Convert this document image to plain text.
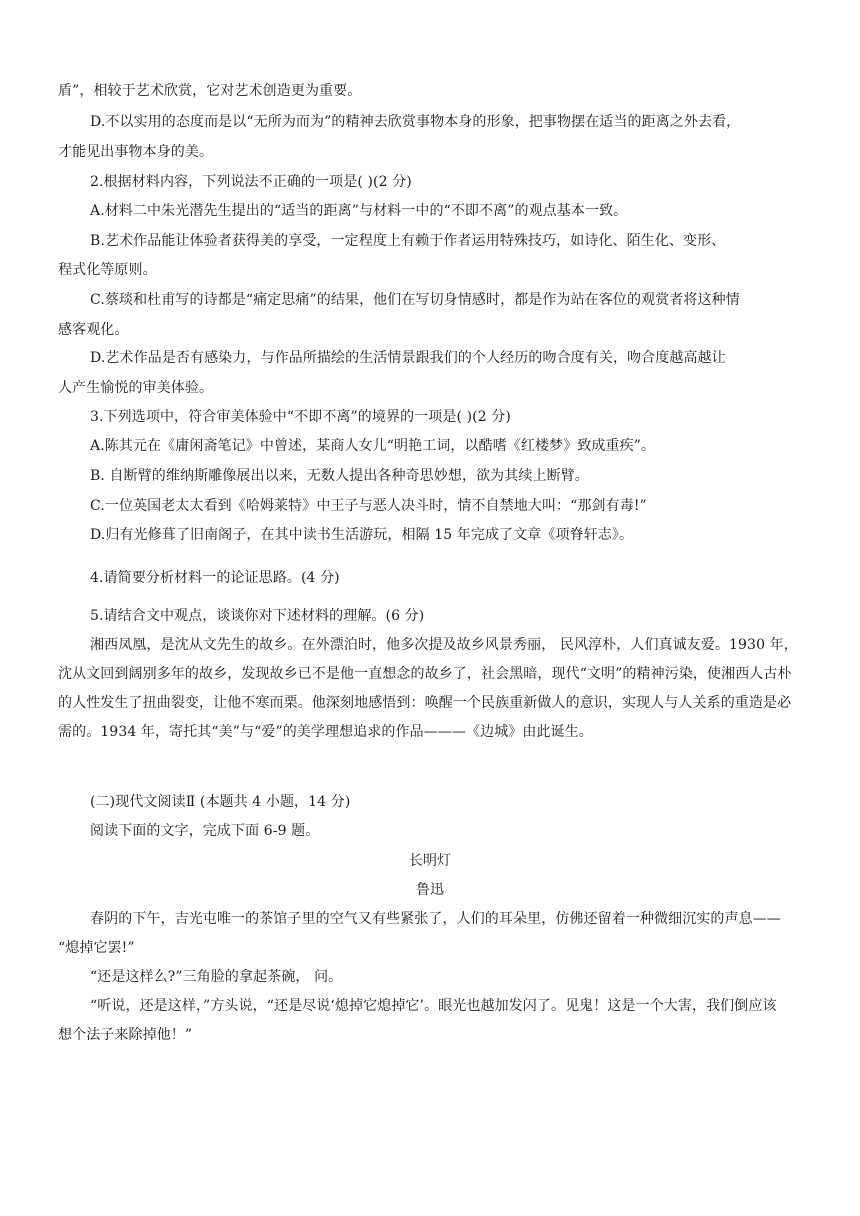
盾”，相较于艺术欣赏，它对艺术创造更为重要。
D.不以实用的态度而是以“无所为而为”的精神去欣赏事物本身的形象，把事物摆在适当的距离之外去看，
才能见出事物本身的美。
2.根据材料内容，下列说法不正确的一项是( )(2 分)
A.材料二中朱光潜先生提出的“适当的距离”与材料一中的“不即不离”的观点基本一致。
B.艺术作品能让体验者获得美的享受，一定程度上有赖于作者运用特殊技巧，如诗化、陌生化、变形、
程式化等原则。
C.蔡琰和杜甫写的诗都是“痛定思痛”的结果，他们在写切身情感时，都是作为站在客位的观赏者将这种情
感客观化。
D.艺术作品是否有感染力，与作品所描绘的生活情景跟我们的个人经历的吻合度有关，吻合度越高越让
人产生愉悦的审美体验。
3.下列选项中，符合审美体验中“不即不离”的境界的一项是( )(2 分)
A.陈其元在《庸闲斋笔记》中曾述，某商人女儿“明艳工词，以酷嗜《红楼梦》致成重疾”。
B. 自断臂的维纳斯雕像展出以来，无数人提出各种奇思妙想，欲为其续上断臂。
C.一位英国老太太看到《哈姆莱特》中王子与恶人决斗时，情不自禁地大叫：“那剑有毒!”
D.归有光修葺了旧南阁子，在其中读书生活游玩，相隔 15 年完成了文章《项脊轩志》。
4.请简要分析材料一的论证思路。(4 分)
5.请结合文中观点，谈谈你对下述材料的理解。(6 分)
湘西凤凰，是沈从文先生的故乡。在外漂泊时，他多次提及故乡风景秀丽， 民风淳朴，人们真诚友爱。1930 年，
沈从文回到阔别多年的故乡，发现故乡已不是他一直想念的故乡了，社会黑暗，现代“文明”的精神污染，使湘西人古朴
的人性发生了扭曲裂变，让他不寒而栗。他深刻地感悟到：唤醒一个民族重新做人的意识，实现人与人关系的重造是必
需的。1934 年，寄托其“美”与“爱”的美学理想追求的作品———《边城》由此诞生。
(二)现代文阅读Ⅱ (本题共 4 小题，14 分)
阅读下面的文字，完成下面 6-9 题。
长明灯
鲁迅
春阴的下午，吉光屯唯一的茶馆子里的空气又有些紧张了，人们的耳朵里，仿佛还留着一种微细沉实的声息——
“熄掉它罢!”
“还是这样么?”三角脸的拿起茶碗， 问。
“听说，还是这样，”方头说，“还是尽说‘熄掉它熄掉它’。眼光也越加发闪了。见鬼！这是一个大害，我们倒应该
想个法子来除掉他！”
